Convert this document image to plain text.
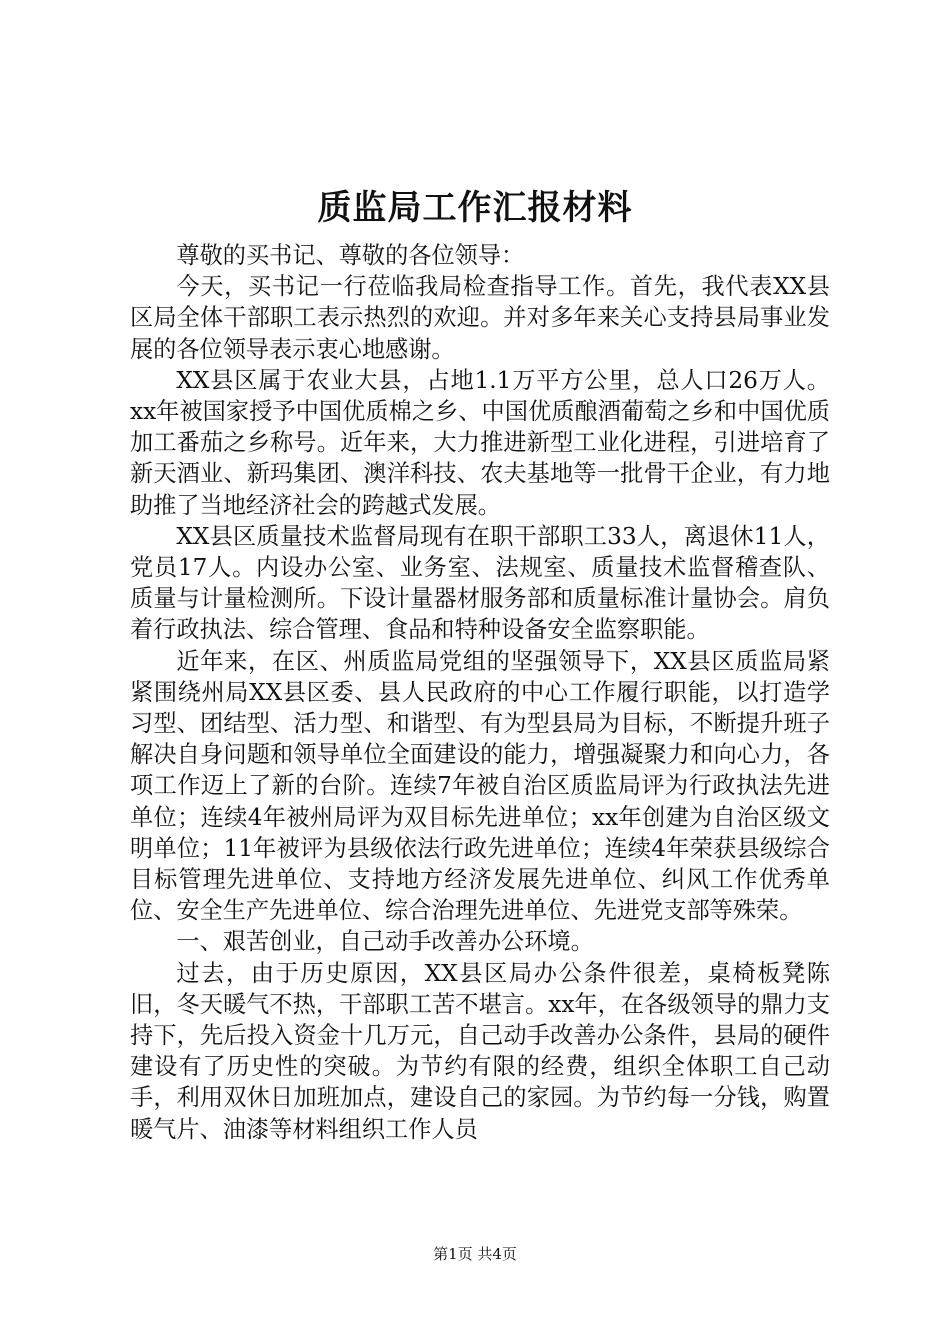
质监局工作汇报材料

尊敬的买书记、尊敬的各位领导：

今天，买书记一行莅临我局检查指导工作。首先，我代表XX县区局全体干部职工表示热烈的欢迎。并对多年来关心支持县局事业发展的各位领导表示衷心地感谢。

XX县区属于农业大县，占地1.1万平方公里，总人口26万人。xx年被国家授予中国优质棉之乡、中国优质酿酒葡萄之乡和中国优质加工番茄之乡称号。近年来，大力推进新型工业化进程，引进培育了新天酒业、新玛集团、澳洋科技、农夫基地等一批骨干企业，有力地助推了当地经济社会的跨越式发展。

XX县区质量技术监督局现有在职干部职工33人，离退休11人，党员17人。内设办公室、业务室、法规室、质量技术监督稽查队、质量与计量检测所。下设计量器材服务部和质量标准计量协会。肩负着行政执法、综合管理、食品和特种设备安全监察职能。

近年来，在区、州质监局党组的坚强领导下，XX县区质监局紧紧围绕州局XX县区委、县人民政府的中心工作履行职能，以打造学习型、团结型、活力型、和谐型、有为型县局为目标，不断提升班子解决自身问题和领导单位全面建设的能力，增强凝聚力和向心力，各项工作迈上了新的台阶。连续7年被自治区质监局评为行政执法先进单位；连续4年被州局评为双目标先进单位；xx年创建为自治区级文明单位；11年被评为县级依法行政先进单位；连续4年荣获县级综合目标管理先进单位、支持地方经济发展先进单位、纠风工作优秀单位、安全生产先进单位、综合治理先进单位、先进党支部等殊荣。

一、艰苦创业，自己动手改善办公环境。

过去，由于历史原因，XX县区局办公条件很差，桌椅板凳陈旧，冬天暖气不热，干部职工苦不堪言。xx年，在各级领导的鼎力支持下，先后投入资金十几万元，自己动手改善办公条件，县局的硬件建设有了历史性的突破。为节约有限的经费，组织全体职工自己动手，利用双休日加班加点，建设自己的家园。为节约每一分钱，购置暖气片、油漆等材料组织工作人员

第1页 共4页
